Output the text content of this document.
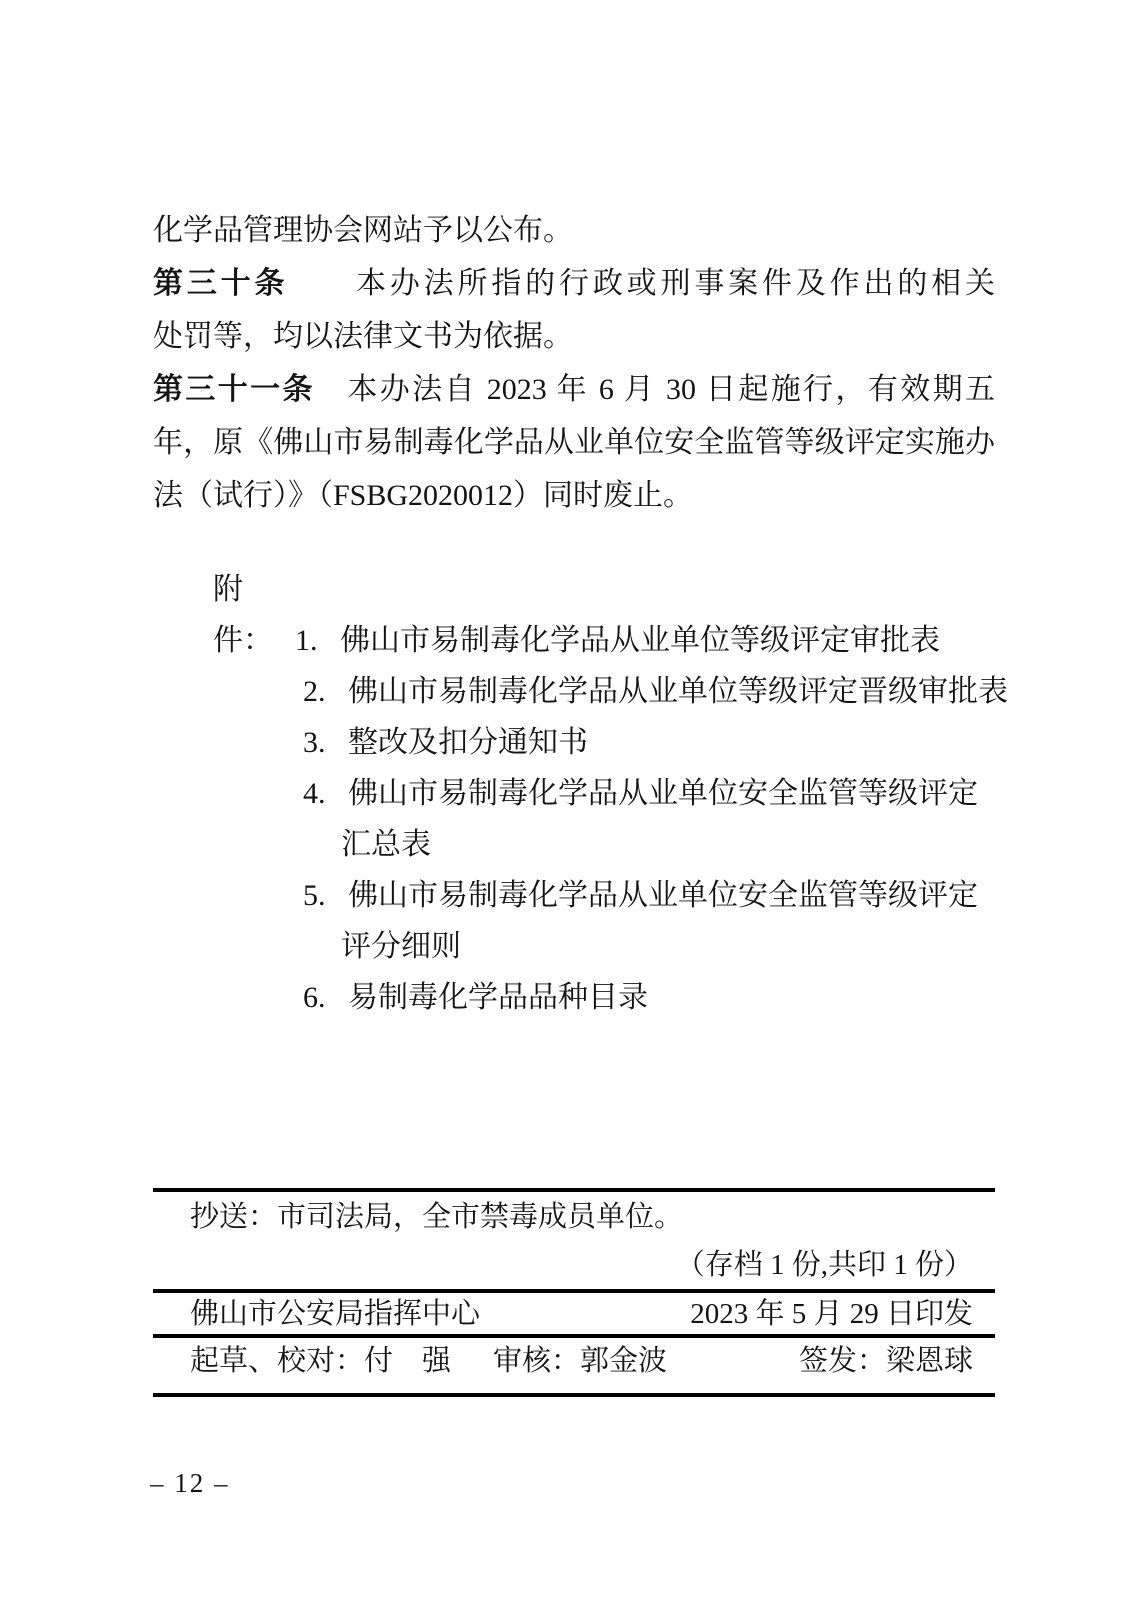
化学品管理协会网站予以公布。
第三十条　　 本办法所指的行政或刑事案件及作出的相关
处罚等，均以法律文书为依据。
第三十一条　 本办法自 2023 年 6 月 30 日起施行，有效期五
年，原《佛山市易制毒化学品从业单位安全监管等级评定实施办
法（试行）》（FSBG2020012）同时废止。
附件： 1. 佛山市易制毒化学品从业单位等级评定审批表
2. 佛山市易制毒化学品从业单位等级评定晋级审批表
3. 整改及扣分通知书
4. 佛山市易制毒化学品从业单位安全监管等级评定
汇总表
5. 佛山市易制毒化学品从业单位安全监管等级评定
评分细则
6. 易制毒化学品品种目录
抄送：市司法局，全市禁毒成员单位。
（存档 1 份,共印 1 份）
佛山市公安局指挥中心	2023 年 5 月 29 日印发
起草、校对：付　强 审核：郭金波	签发：梁恩球
– 12 –
